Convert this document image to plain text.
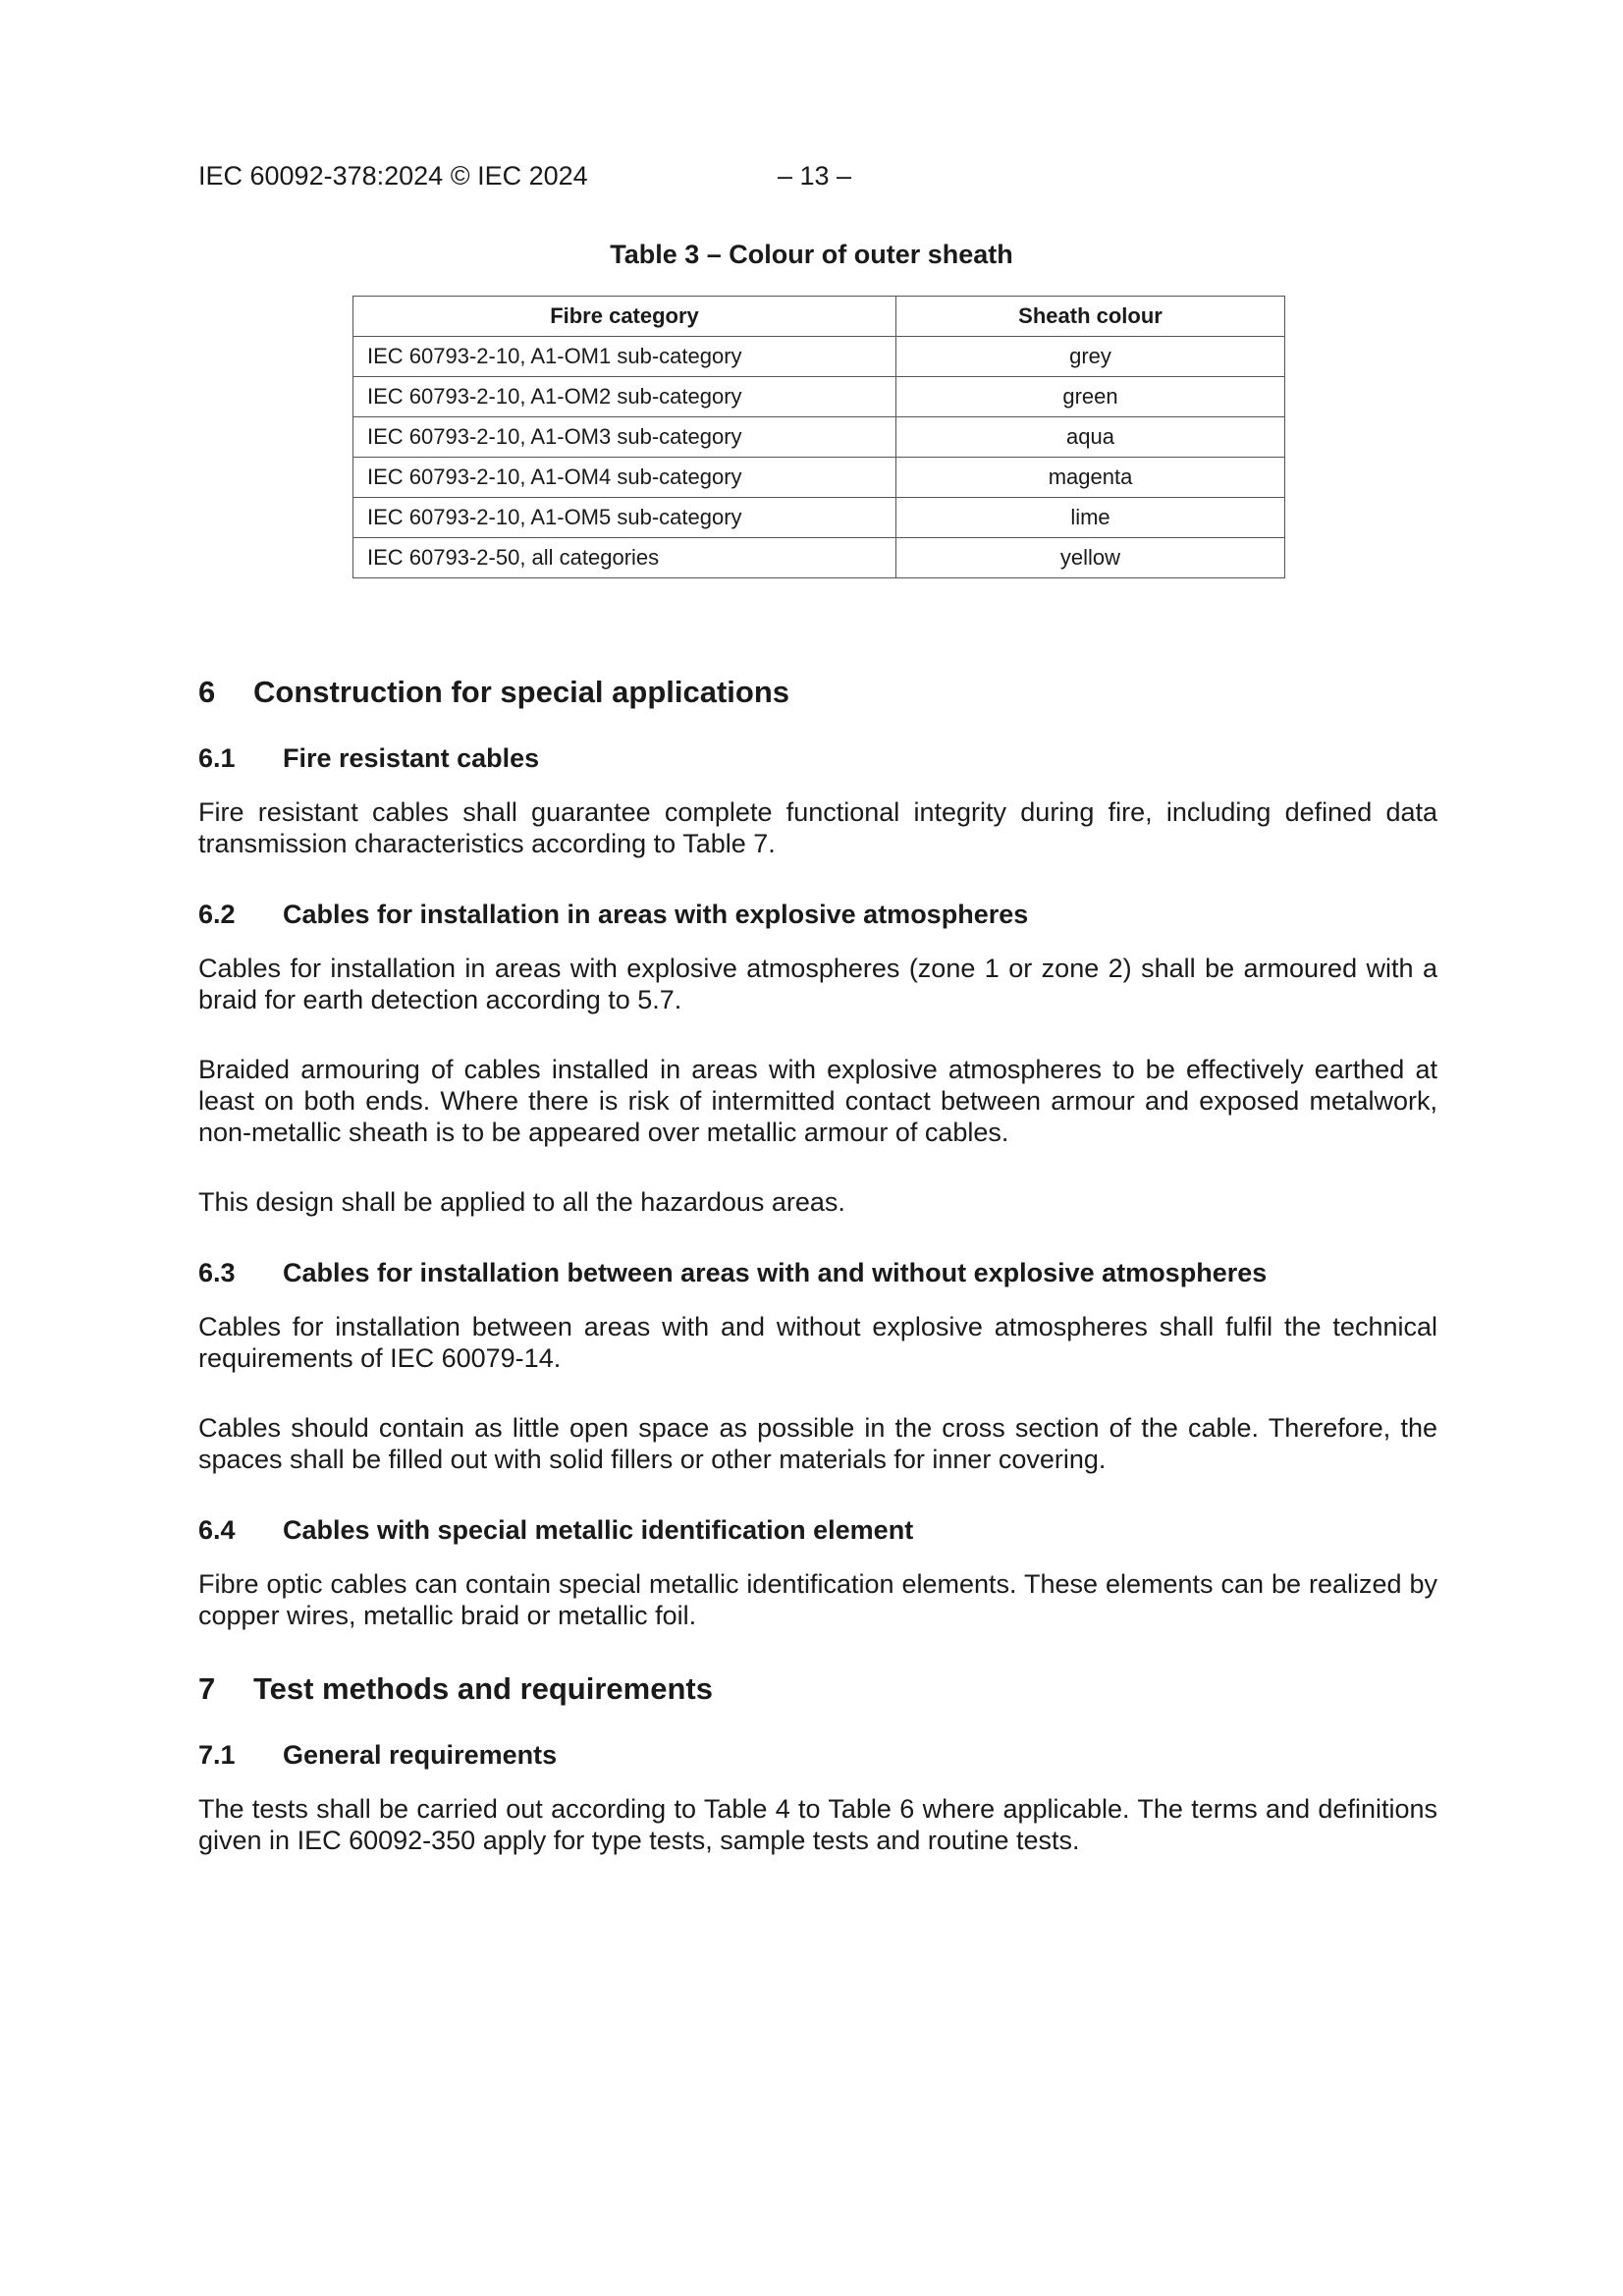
IEC 60092-378:2024 © IEC 2024	– 13 –
Table 3 – Colour of outer sheath
Fibre category	Sheath colour
IEC 60793-2-10, A1-OM1 sub-category	grey
IEC 60793-2-10, A1-OM2 sub-category	green
IEC 60793-2-10, A1-OM3 sub-category	aqua
IEC 60793-2-10, A1-OM4 sub-category	magenta
IEC 60793-2-10, A1-OM5 sub-category	lime
IEC 60793-2-50, all categories	yellow
6 Construction for special applications
6.1 Fire resistant cables

Fire resistant cables shall guarantee complete functional integrity during fire, including defined data transmission characteristics according to Table 7.

6.2 Cables for installation in areas with explosive atmospheres

Cables for installation in areas with explosive atmospheres (zone 1 or zone 2) shall be armoured with a braid for earth detection according to 5.7.

Braided armouring of cables installed in areas with explosive atmospheres to be effectively earthed at least on both ends. Where there is risk of intermitted contact between armour and exposed metalwork, non-metallic sheath is to be appeared over metallic armour of cables.

This design shall be applied to all the hazardous areas.

6.3 Cables for installation between areas with and without explosive atmospheres

Cables for installation between areas with and without explosive atmospheres shall fulfil the technical requirements of IEC 60079-14.

Cables should contain as little open space as possible in the cross section of the cable. Therefore, the spaces shall be filled out with solid fillers or other materials for inner covering.

6.4 Cables with special metallic identification element

Fibre optic cables can contain special metallic identification elements. These elements can be realized by copper wires, metallic braid or metallic foil.

7 Test methods and requirements
7.1 General requirements

The tests shall be carried out according to Table 4 to Table 6 where applicable. The terms and definitions given in IEC 60092-350 apply for type tests, sample tests and routine tests.
